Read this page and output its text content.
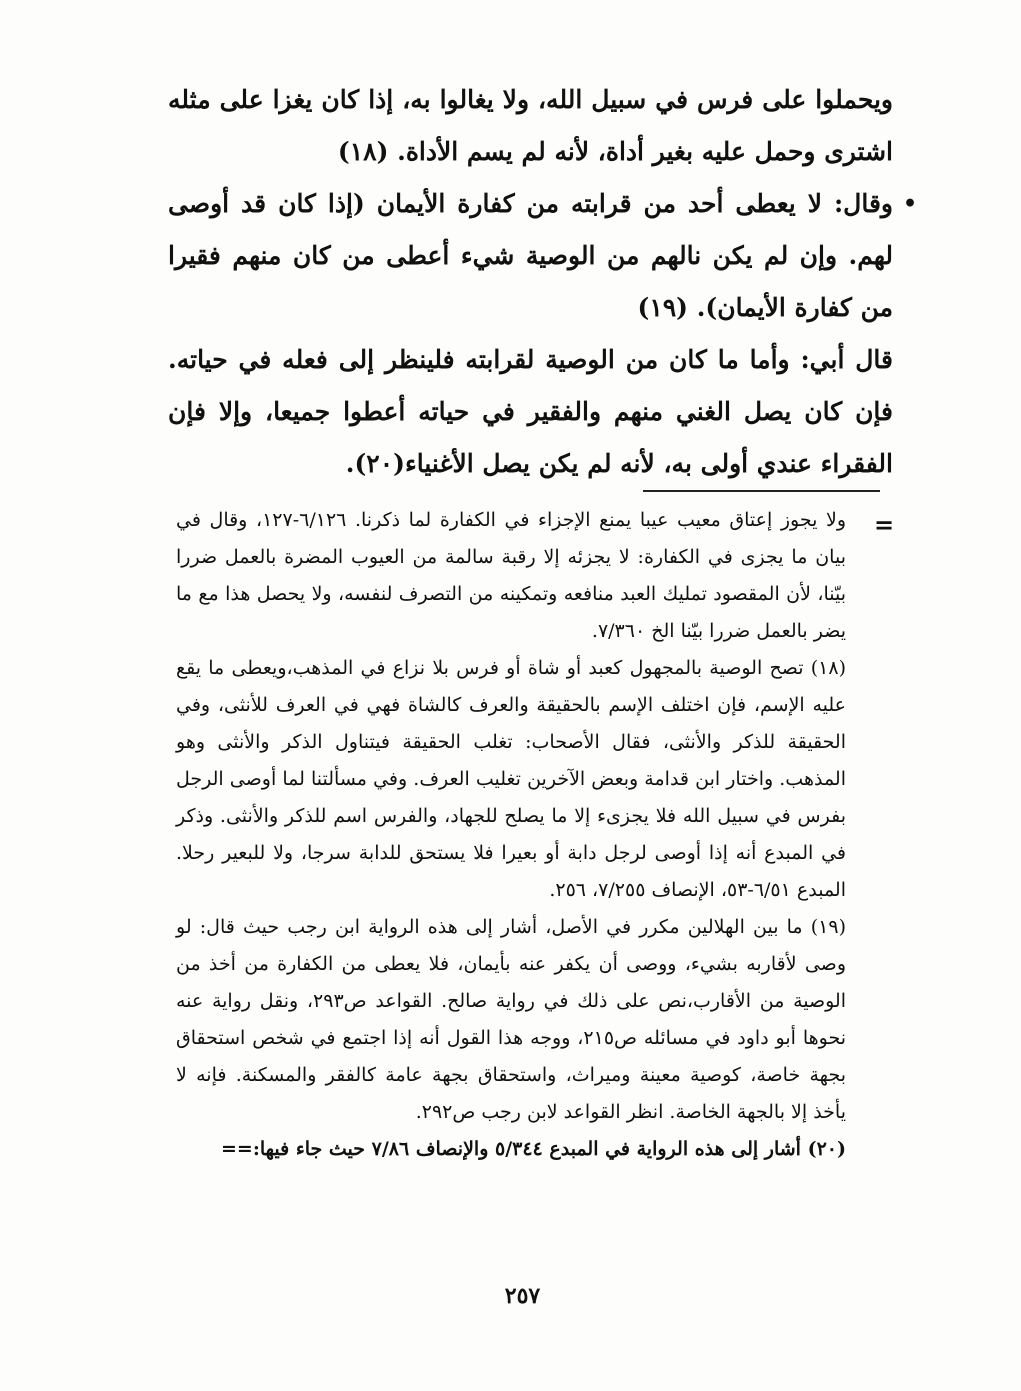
ويحملوا على فرس في سبيل الله، ولا يغالوا به، إذا كان يغزا على مثله اشترى وحمل عليه بغير أداة، لأنه لم يسم الأداة. (١٨)

•
وقال: لا يعطى أحد من قرابته من كفارة الأيمان (إذا كان قد أوصى لهم. وإن لم يكن نالهم من الوصية شيء أعطى من كان منهم فقيرا من كفارة الأيمان). (١٩)

قال أبي: وأما ما كان من الوصية لقرابته فلينظر إلى فعله في حياته. فإن كان يصل الغني منهم والفقير في حياته أعطوا جميعا، وإلا فإن الفقراء عندي أولى به، لأنه لم يكن يصل الأغنياء(٢٠).

=

ولا يجوز إعتاق معيب عيبا يمنع الإجزاء في الكفارة لما ذكرنا. ٦/١٢٦-١٢٧، وقال في بيان ما يجزى في الكفارة: لا يجزئه إلا رقبة سالمة من العيوب المضرة بالعمل ضررا بيّنا، لأن المقصود تمليك العبد منافعه وتمكينه من التصرف لنفسه، ولا يحصل هذا مع ما يضر بالعمل ضررا بيّنا الخ ٧/٣٦٠.

(١٨) تصح الوصية بالمجهول كعبد أو شاة أو فرس بلا نزاع في المذهب،ويعطى ما يقع عليه الإسم، فإن اختلف الإسم بالحقيقة والعرف كالشاة فهي في العرف للأنثى، وفي الحقيقة للذكر والأنثى، فقال الأصحاب: تغلب الحقيقة فيتناول الذكر والأنثى وهو المذهب. واختار ابن قدامة وبعض الآخرين تغليب العرف. وفي مسألتنا لما أوصى الرجل بفرس في سبيل الله فلا يجزىء إلا ما يصلح للجهاد، والفرس اسم للذكر والأنثى. وذكر في المبدع أنه إذا أوصى لرجل دابة أو بعيرا فلا يستحق للدابة سرجا، ولا للبعير رحلا. المبدع ٦/٥١-٥٣، الإنصاف ٧/٢٥٥، ٢٥٦.

(١٩) ما بين الهلالين مكرر في الأصل، أشار إلى هذه الرواية ابن رجب حيث قال: لو وصى لأقاربه بشيء، ووصى أن يكفر عنه بأيمان، فلا يعطى من الكفارة من أخذ من الوصية من الأقارب،نص على ذلك في رواية صالح. القواعد ص٢٩٣، ونقل رواية عنه نحوها أبو داود في مسائله ص٢١٥، ووجه هذا القول أنه إذا اجتمع في شخص استحقاق بجهة خاصة، كوصية معينة وميراث، واستحقاق بجهة عامة كالفقر والمسكنة. فإنه لا يأخذ إلا بالجهة الخاصة. انظر القواعد لابن رجب ص٢٩٢.

(٢٠) أشار إلى هذه الرواية في المبدع ٥/٣٤٤ والإنصاف ٧/٨٦ حيث جاء فيها:==

٢٥٧
